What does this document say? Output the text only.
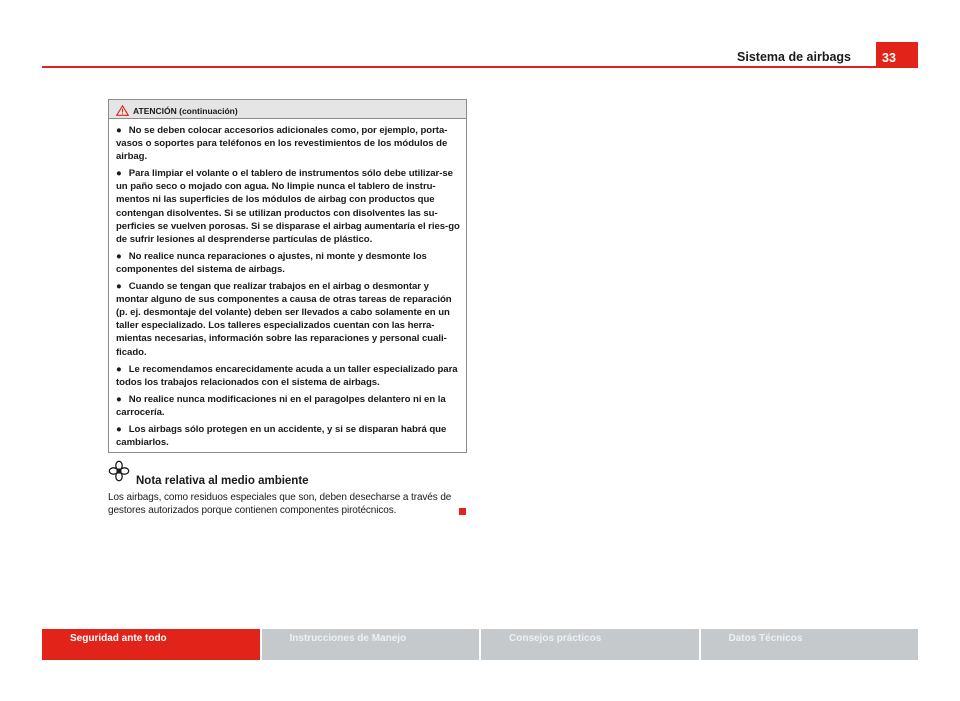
Sistema de airbags	33
ATENCIÓN (continuación)

● No se deben colocar accesorios adicionales como, por ejemplo, porta-vasos o soportes para teléfonos en los revestimientos de los módulos de airbag.

● Para limpiar el volante o el tablero de instrumentos sólo debe utilizar-se un paño seco o mojado con agua. No limpie nunca el tablero de instru-mentos ni las superficies de los módulos de airbag con productos que contengan disolventes. Si se utilizan productos con disolventes las su-perficies se vuelven porosas. Si se disparase el airbag aumentaría el ries-go de sufrir lesiones al desprenderse partículas de plástico.

● No realice nunca reparaciones o ajustes, ni monte y desmonte los componentes del sistema de airbags.

● Cuando se tengan que realizar trabajos en el airbag o desmontar y montar alguno de sus componentes a causa de otras tareas de reparación (p. ej. desmontaje del volante) deben ser llevados a cabo solamente en un taller especializado. Los talleres especializados cuentan con las herra-mientas necesarias, información sobre las reparaciones y personal cuali-ficado.

● Le recomendamos encarecidamente acuda a un taller especializado para todos los trabajos relacionados con el sistema de airbags.

● No realice nunca modificaciones ni en el paragolpes delantero ni en la carrocería.

● Los airbags sólo protegen en un accidente, y si se disparan habrá que cambiarlos.

Nota relativa al medio ambiente

Los airbags, como residuos especiales que son, deben desecharse a través de gestores autorizados porque contienen componentes pirotécnicos.

Seguridad ante todo	Instrucciones de Manejo	Consejos prácticos	Datos Técnicos
